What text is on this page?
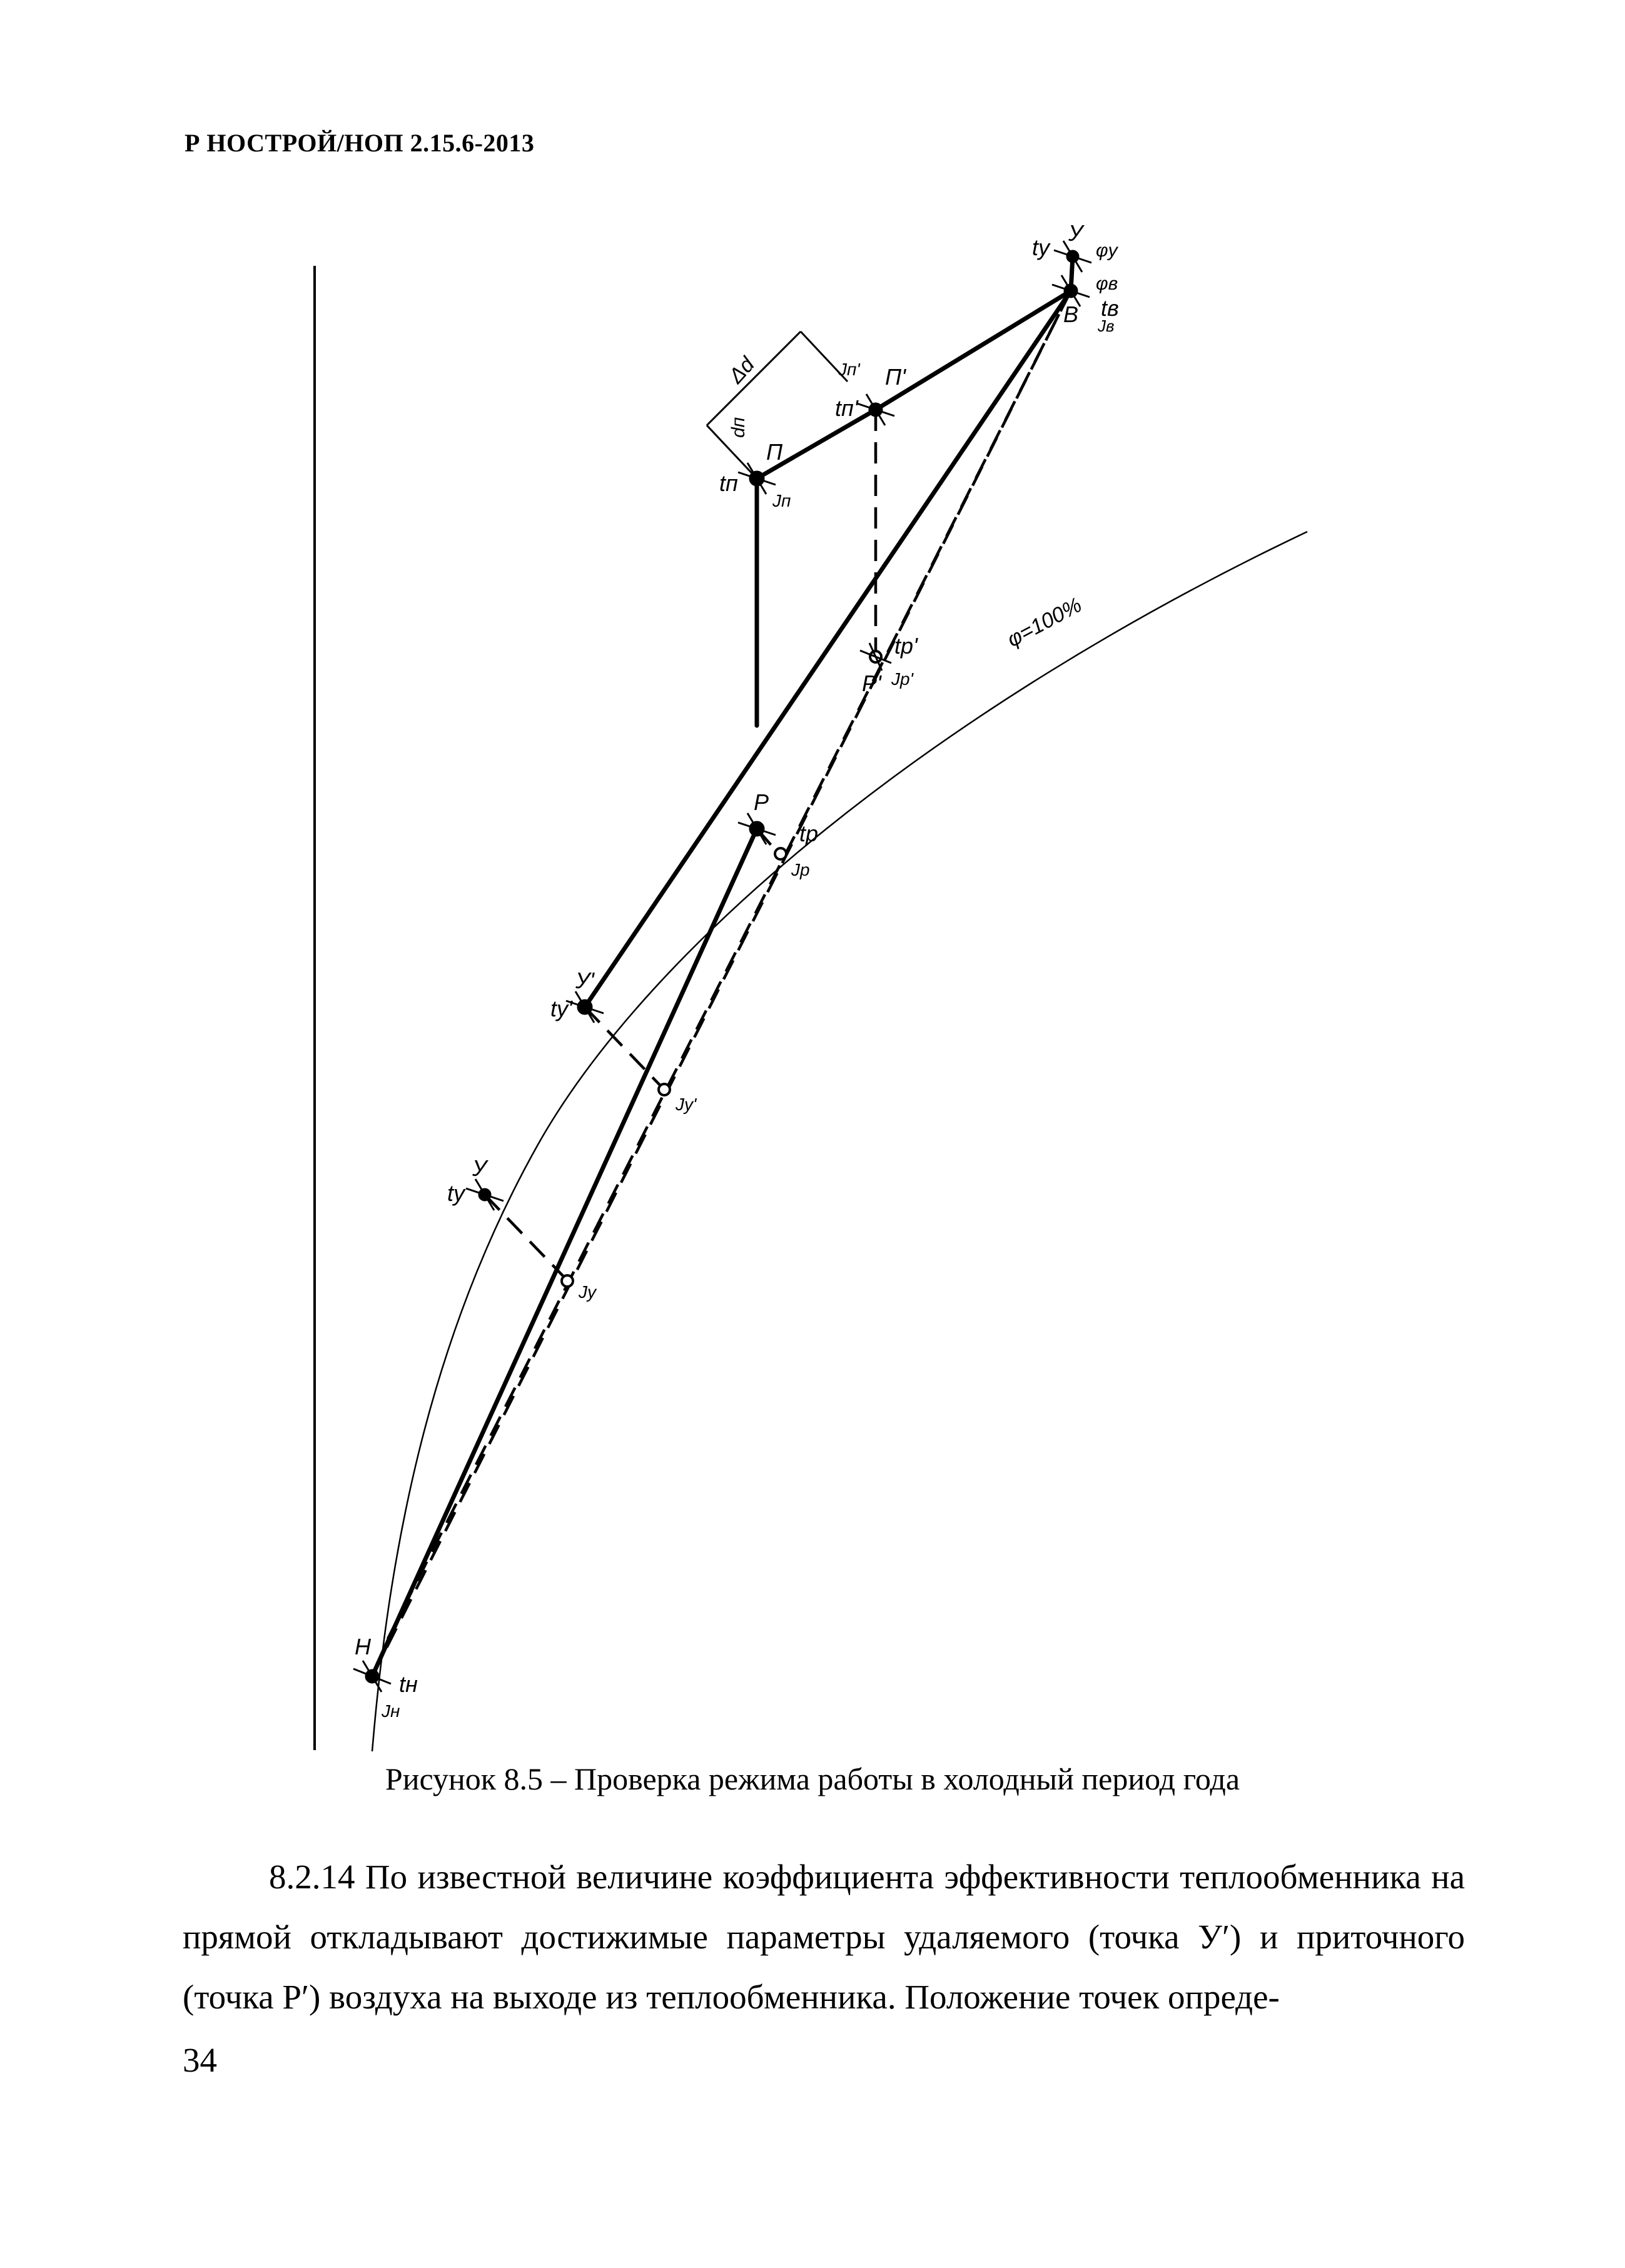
Р НОСТРОЙ/НОП 2.15.6-2013
φ=100%
Δd
dп
Н
tн
Jн
У
tу
Jу
У'
tу'
Jу'
Р
tр
Jр
Р'
tр'
Jр'
П
tп
Jп
П'
tп'
Jп'
В tв
Jв
φв
У
tу φу
Рисунок 8.5 – Проверка режима работы в холодный период года

8.2.14 По известной величине коэффициента эффективности теплообменника на прямой откладывают достижимые параметры удаляемого (точка У′) и приточного (точка Р′) воздуха на выходе из теплообменника. Положение точек опреде-

34
